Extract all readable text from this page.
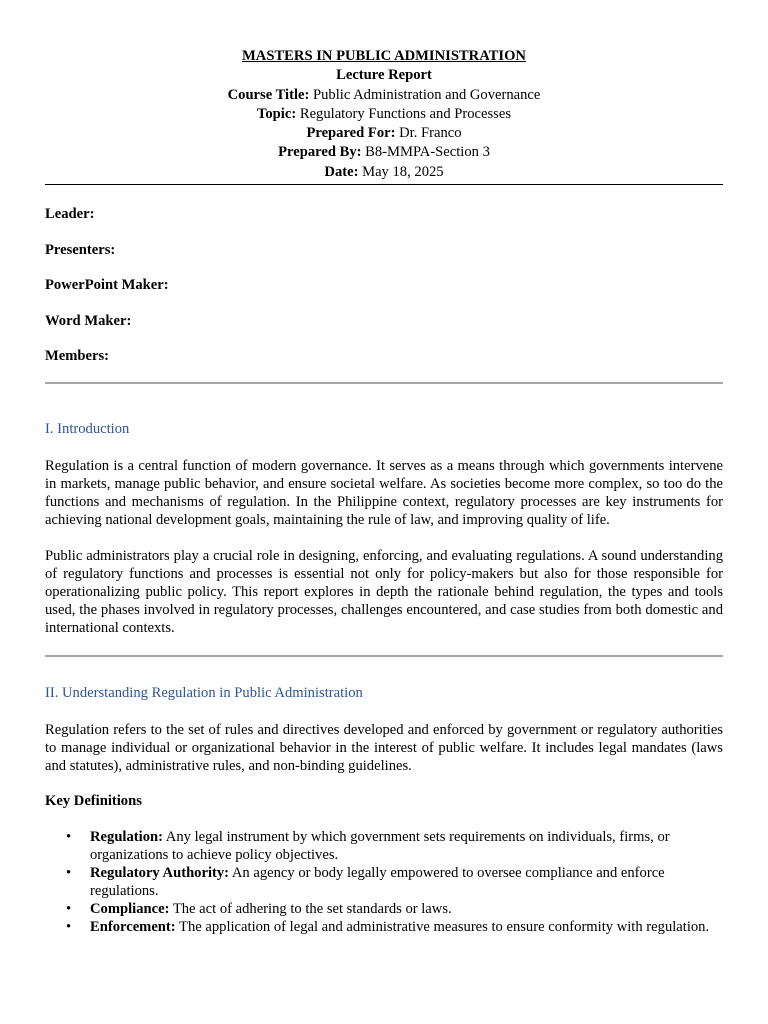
MASTERS IN PUBLIC ADMINISTRATION
Lecture Report
Course Title: Public Administration and Governance
Topic: Regulatory Functions and Processes
Prepared For: Dr. Franco
Prepared By: B8-MMPA-Section 3
Date: May 18, 2025

Leader:

Presenters:

PowerPoint Maker:

Word Maker:

Members:

I. Introduction

Regulation is a central function of modern governance. It serves as a means through which governments intervene in markets, manage public behavior, and ensure societal welfare. As societies become more complex, so too do the functions and mechanisms of regulation. In the Philippine context, regulatory processes are key instruments for achieving national development goals, maintaining the rule of law, and improving quality of life.

Public administrators play a crucial role in designing, enforcing, and evaluating regulations. A sound understanding of regulatory functions and processes is essential not only for policy-makers but also for those responsible for operationalizing public policy. This report explores in depth the rationale behind regulation, the types and tools used, the phases involved in regulatory processes, challenges encountered, and case studies from both domestic and international contexts.

II. Understanding Regulation in Public Administration

Regulation refers to the set of rules and directives developed and enforced by government or regulatory authorities to manage individual or organizational behavior in the interest of public welfare. It includes legal mandates (laws and statutes), administrative rules, and non-binding guidelines.

Key Definitions

• Regulation: Any legal instrument by which government sets requirements on individuals, firms, or organizations to achieve policy objectives.
• Regulatory Authority: An agency or body legally empowered to oversee compliance and enforce regulations.
• Compliance: The act of adhering to the set standards or laws.
• Enforcement: The application of legal and administrative measures to ensure conformity with regulation.
